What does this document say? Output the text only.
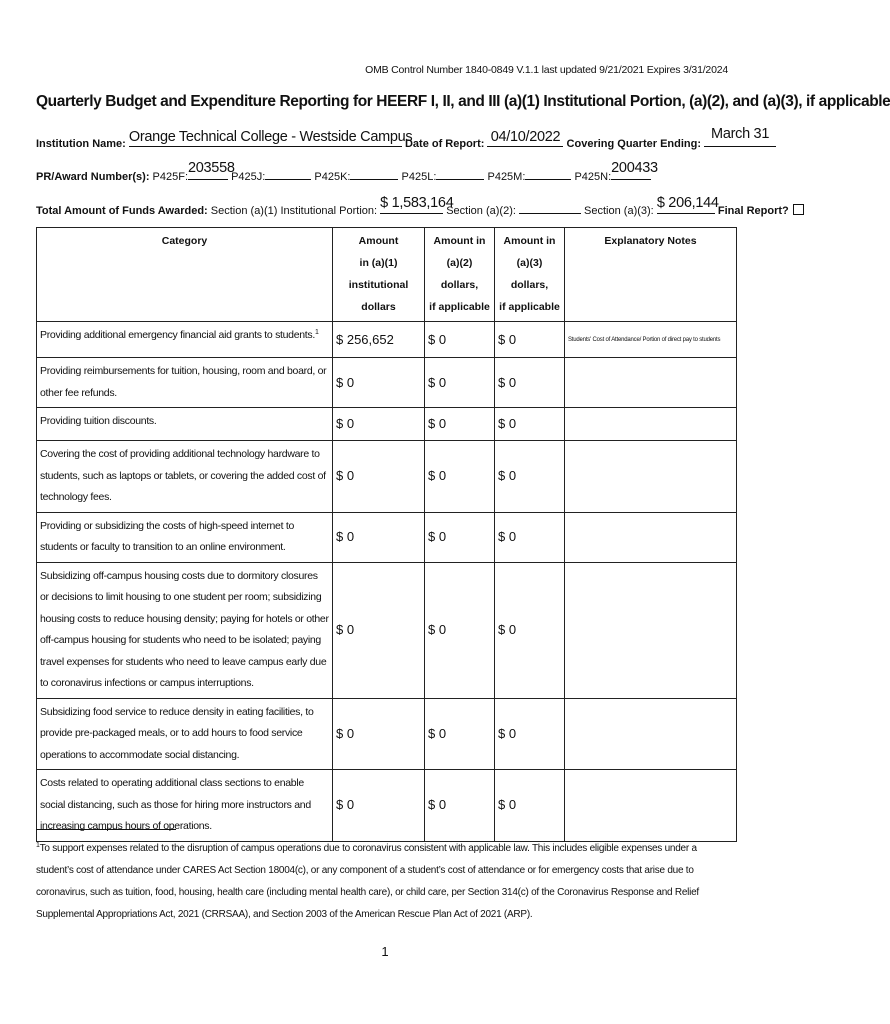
OMB Control Number 1840-0849 V.1.1 last updated 9/21/2021 Expires 3/31/2024
Quarterly Budget and Expenditure Reporting for HEERF I, II, and III (a)(1) Institutional Portion, (a)(2), and (a)(3), if applicable
Institution Name: Orange Technical College - Westside Campus
Date of Report: 04/10/2022 Covering Quarter Ending:
March 31
PR/Award Number(s): P425F:
203558
P425J:	P425K:	P425L:	P425M:	P425N:
200433
Total Amount of Funds Awarded: Section (a)(1) Institutional Portion: $ 1,583,164
Section (a)(2):	Section (a)(3): $ 206,144 Final Report?
Category	Amount
in (a)(1)
institutional dollars	Amount in
(a)(2) dollars,
if applicable	Amount in
(a)(3) dollars,
if applicable	Explanatory Notes
Providing additional emergency financial aid grants to students.$^1$	$ 256,652	$ 0	$ 0	Students' Cost of Attendance/ Portion of direct pay to students
Providing reimbursements for tuition, housing, room and board, or other fee refunds.	$ 0	$ 0	$ 0	
Providing tuition discounts.	$ 0	$ 0	$ 0	
Covering the cost of providing additional technology hardware to students, such as laptops or tablets, or covering the added cost of technology fees.	$ 0	$ 0	$ 0	
Providing or subsidizing the costs of high-speed internet to students or faculty to transition to an online environment.	$ 0	$ 0	$ 0	
Subsidizing off-campus housing costs due to dormitory closures or decisions to limit housing to one student per room; subsidizing housing costs to reduce housing density; paying for hotels or other off-campus housing for students who need to be isolated; paying travel expenses for students who need to leave campus early due to coronavirus infections or campus interruptions.	$ 0	$ 0	$ 0	
Subsidizing food service to reduce density in eating facilities, to provide pre-packaged meals, or to add hours to food service operations to accommodate social distancing.	$ 0	$ 0	$ 0	
Costs related to operating additional class sections to enable social distancing, such as those for hiring more instructors and increasing campus hours of operations.	$ 0	$ 0	$ 0	
$^1$To support expenses related to the disruption of campus operations due to coronavirus consistent with applicable law. This includes eligible expenses under a student’s cost of attendance under CARES Act Section 18004(c), or any component of a student’s cost of attendance or for emergency costs that arise due to coronavirus, such as tuition, food, housing, health care (including mental health care), or child care, per Section 314(c) of the Coronavirus Response and Relief Supplemental Appropriations Act, 2021 (CRRSAA), and Section 2003 of the American Rescue Plan Act of 2021 (ARP).
1
